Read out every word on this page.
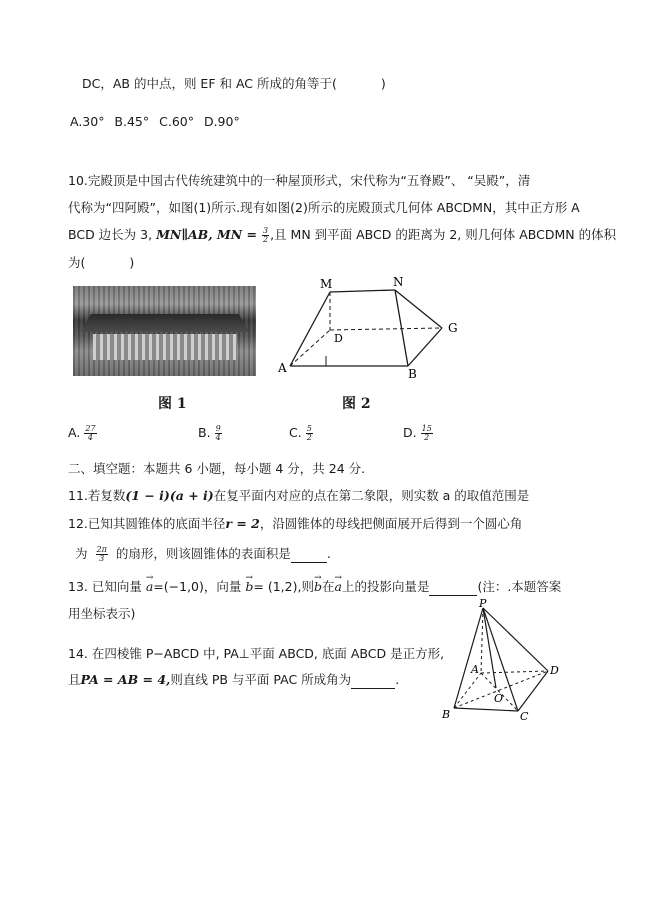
DC，AB 的中点，则 EF 和 AC 所成的角等于(	)
A.30° B.45° C.60° D.90°
10.完殿顶是中国古代传统建筑中的一种屋顶形式，宋代称为“五脊殿”、 “吴殿”，清
代称为“四阿殿”，如图(1)所示.现有如图(2)所示的庑殿顶式几何体 ABCDMN，其中正方形 A
BCD 边长为 3, MN∥AB, MN = $\frac{3}{2}$ ,且 MN 到平面 ABCD 的距离为 2, 则几何体 ABCDMN 的体积
为(	)
图 1
M	N
D
G
A	B
图 2
A. $\frac{27}{4}$	B. $\frac{9}{4}$	C. $\frac{5}{2}$	D. $\frac{15}{2}$
二、填空题：本题共 6 小题，每小题 4 分，共 24 分.
11.若复数(1 − i)(a + i)在复平面内对应的点在第二象限，则实数 a 的取值范围是
12.已知其圆锥体的底面半径r = 2，沿圆锥体的母线把侧面展开后得到一个圆心角
为 $\frac{2\pi}{3}$ 的扇形，则该圆锥体的表面积是	.
13. 已知向量 → a=(−1,0)，向量 → b= (1,2),则→ b在→ a上的投影向量是	(注：.本题答案
用坐标表示)
14. 在四棱锥 P−ABCD 中, PA⊥平面 ABCD, 底面 ABCD 是正方形,
且PA = AB = 4,则直线 PB 与平面 PAC 所成角为	.
P
A
B	C
D
O
